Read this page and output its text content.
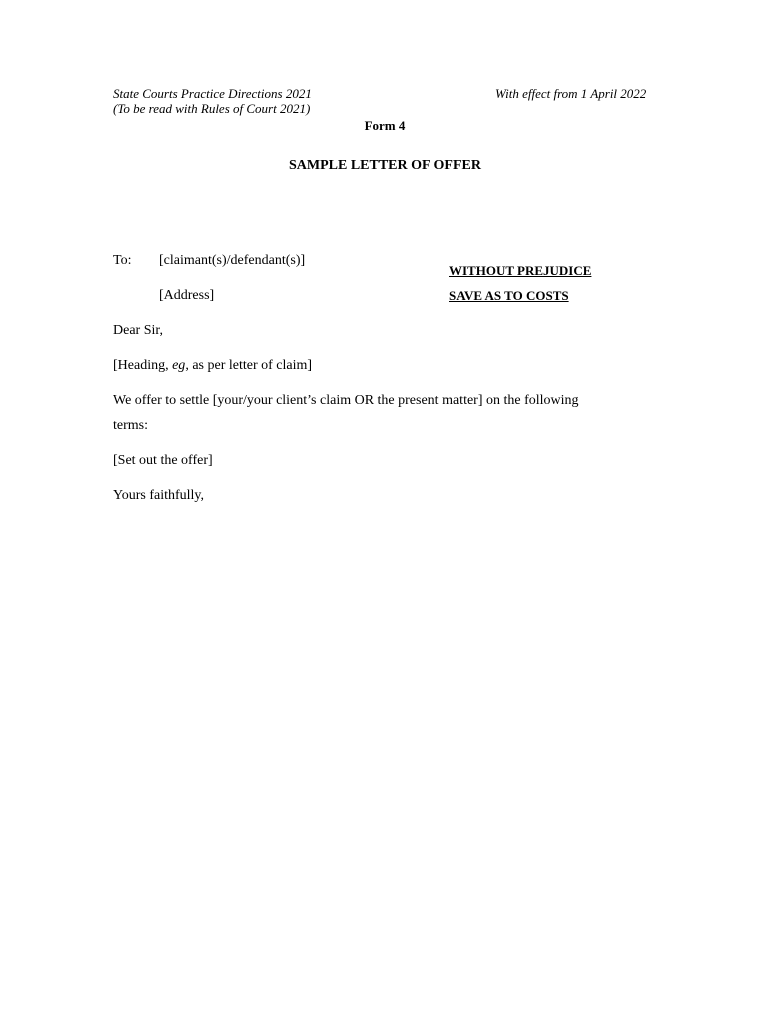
State Courts Practice Directions 2021
(To be read with Rules of Court 2021)
With effect from 1 April 2022
Form 4
SAMPLE LETTER OF OFFER
To: [claimant(s)/defendant(s)]
[Address]
WITHOUT PREJUDICE
SAVE AS TO COSTS
Dear Sir,
[Heading, eg, as per letter of claim]
We offer to settle [your/your client’s claim OR the present matter] on the following
terms:
[Set out the offer]
Yours faithfully,
